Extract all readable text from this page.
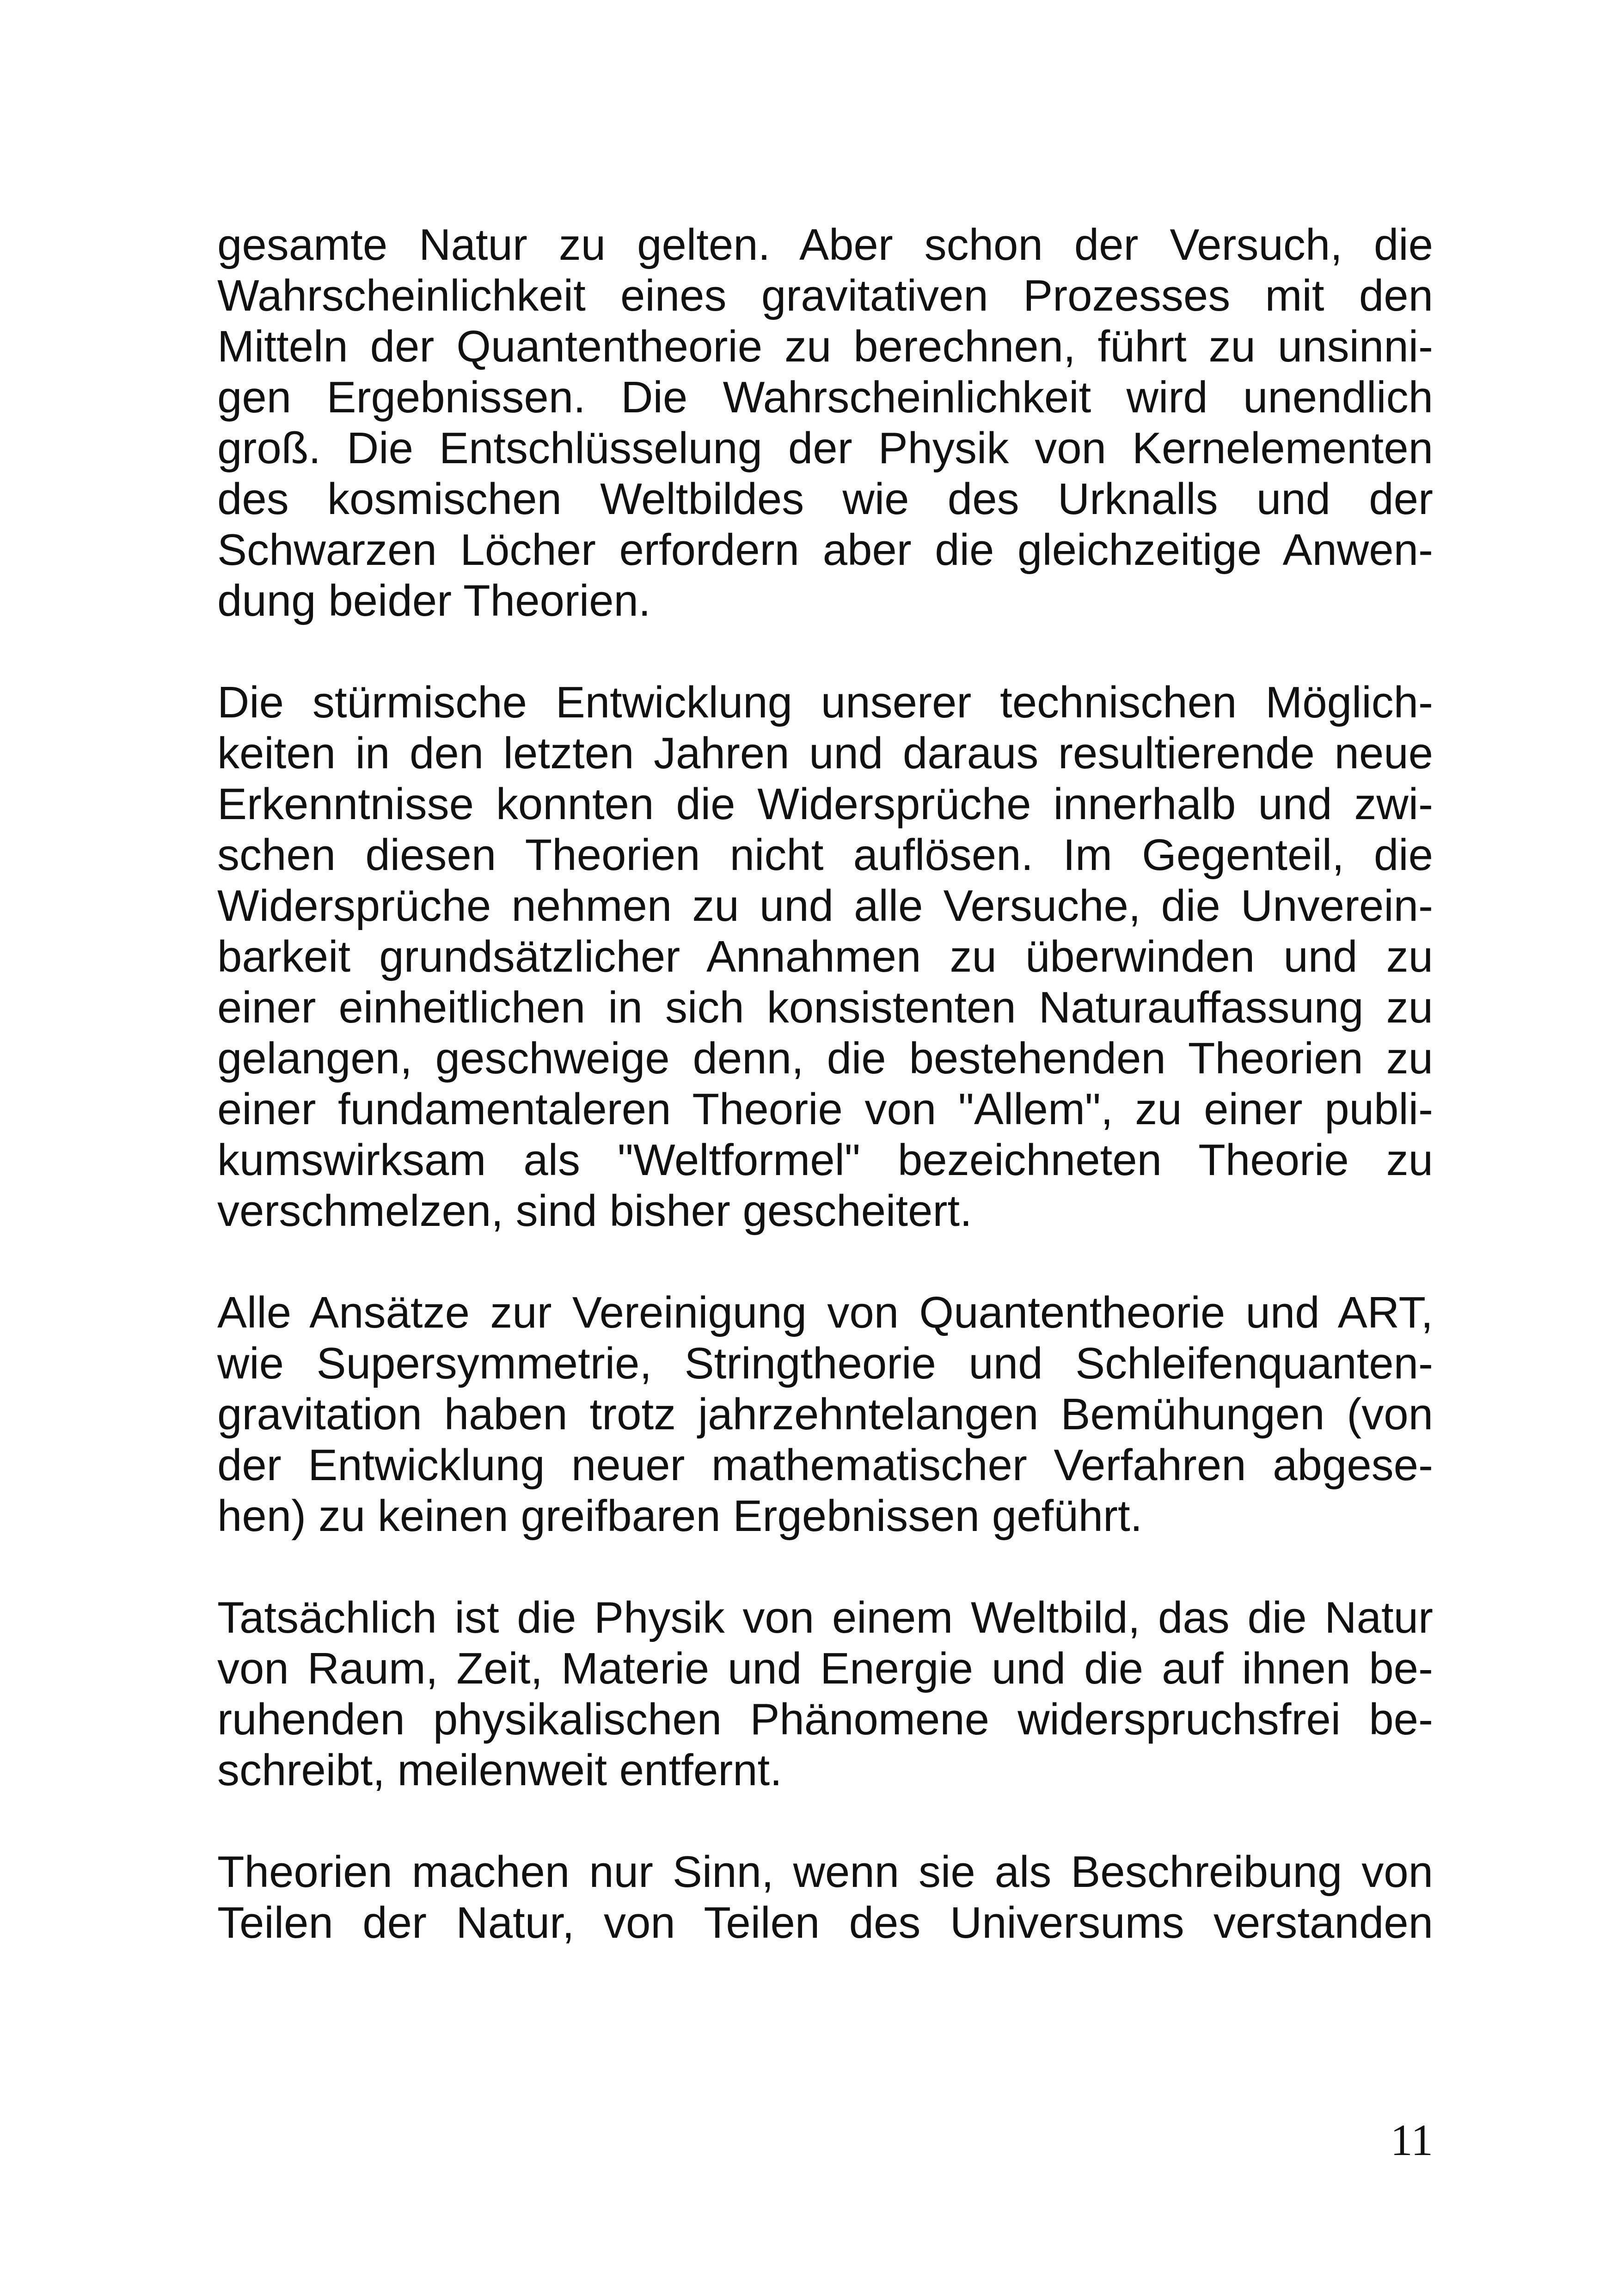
gesamte Natur zu gelten. Aber schon der Versuch, die
Wahrscheinlichkeit eines gravitativen Prozesses mit den
Mitteln der Quantentheorie zu berechnen, führt zu unsinni-
gen Ergebnissen. Die Wahrscheinlichkeit wird unendlich
groß. Die Entschlüsselung der Physik von Kernelementen
des kosmischen Weltbildes wie des Urknalls und der
Schwarzen Löcher erfordern aber die gleichzeitige Anwen-
dung beider Theorien.
Die stürmische Entwicklung unserer technischen Möglich-
keiten in den letzten Jahren und daraus resultierende neue
Erkenntnisse konnten die Widersprüche innerhalb und zwi-
schen diesen Theorien nicht auflösen. Im Gegenteil, die
Widersprüche nehmen zu und alle Versuche, die Unverein-
barkeit grundsätzlicher Annahmen zu überwinden und zu
einer einheitlichen in sich konsistenten Naturauffassung zu
gelangen, geschweige denn, die bestehenden Theorien zu
einer fundamentaleren Theorie von "Allem", zu einer publi-
kumswirksam als "Weltformel" bezeichneten Theorie zu
verschmelzen, sind bisher gescheitert.
Alle Ansätze zur Vereinigung von Quantentheorie und ART,
wie Supersymmetrie, Stringtheorie und Schleifenquanten-
gravitation haben trotz jahrzehntelangen Bemühungen (von
der Entwicklung neuer mathematischer Verfahren abgese-
hen) zu keinen greifbaren Ergebnissen geführt.
Tatsächlich ist die Physik von einem Weltbild, das die Natur
von Raum, Zeit, Materie und Energie und die auf ihnen be-
ruhenden physikalischen Phänomene widerspruchsfrei be-
schreibt, meilenweit entfernt.
Theorien machen nur Sinn, wenn sie als Beschreibung von
Teilen der Natur, von Teilen des Universums verstanden
11
